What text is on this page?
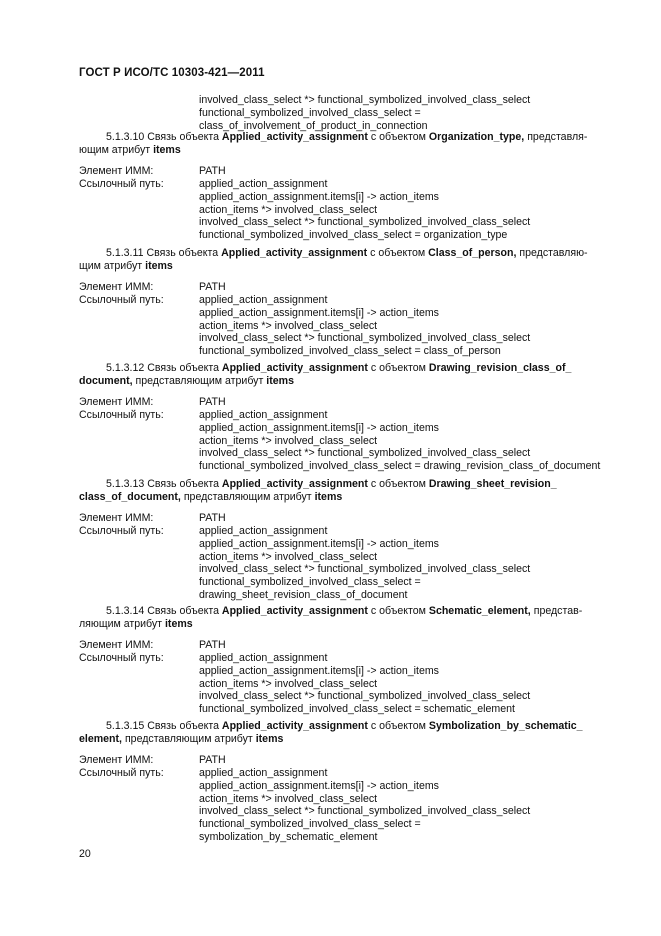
ГОСТ Р ИСО/ТС 10303-421—2011
involved_class_select *> functional_symbolized_involved_class_select
functional_symbolized_involved_class_select =
class_of_involvement_of_product_in_connection
5.1.3.10 Связь объекта Applied_activity_assignment с объектом Organization_type, представля-
ющим атрибут items
Элемент ИММ:	PATH
Ссылочный путь:	applied_action_assignment
applied_action_assignment.items[i] -> action_items
action_items *> involved_class_select
involved_class_select *> functional_symbolized_involved_class_select
functional_symbolized_involved_class_select = organization_type
5.1.3.11 Связь объекта Applied_activity_assignment с объектом Class_of_person, представляю-
щим атрибут items
Элемент ИММ:	PATH
Ссылочный путь:	applied_action_assignment
applied_action_assignment.items[i] -> action_items
action_items *> involved_class_select
involved_class_select *> functional_symbolized_involved_class_select
functional_symbolized_involved_class_select = class_of_person
5.1.3.12 Связь объекта Applied_activity_assignment с объектом Drawing_revision_class_of_
document, представляющим атрибут items
Элемент ИММ:	PATH
Ссылочный путь:	applied_action_assignment
applied_action_assignment.items[i] -> action_items
action_items *> involved_class_select
involved_class_select *> functional_symbolized_involved_class_select
functional_symbolized_involved_class_select = drawing_revision_class_of_document
5.1.3.13 Связь объекта Applied_activity_assignment с объектом Drawing_sheet_revision_
class_of_document, представляющим атрибут items
Элемент ИММ:	PATH
Ссылочный путь:	applied_action_assignment
applied_action_assignment.items[i] -> action_items
action_items *> involved_class_select
involved_class_select *> functional_symbolized_involved_class_select
functional_symbolized_involved_class_select =
drawing_sheet_revision_class_of_document
5.1.3.14 Связь объекта Applied_activity_assignment с объектом Schematic_element, представ-
ляющим атрибут items
Элемент ИММ:	PATH
Ссылочный путь:	applied_action_assignment
applied_action_assignment.items[i] -> action_items
action_items *> involved_class_select
involved_class_select *> functional_symbolized_involved_class_select
functional_symbolized_involved_class_select = schematic_element
5.1.3.15 Связь объекта Applied_activity_assignment с объектом Symbolization_by_schematic_
element, представляющим атрибут items
Элемент ИММ:	PATH
Ссылочный путь:	applied_action_assignment
applied_action_assignment.items[i] -> action_items
action_items *> involved_class_select
involved_class_select *> functional_symbolized_involved_class_select
functional_symbolized_involved_class_select =
symbolization_by_schematic_element
20
